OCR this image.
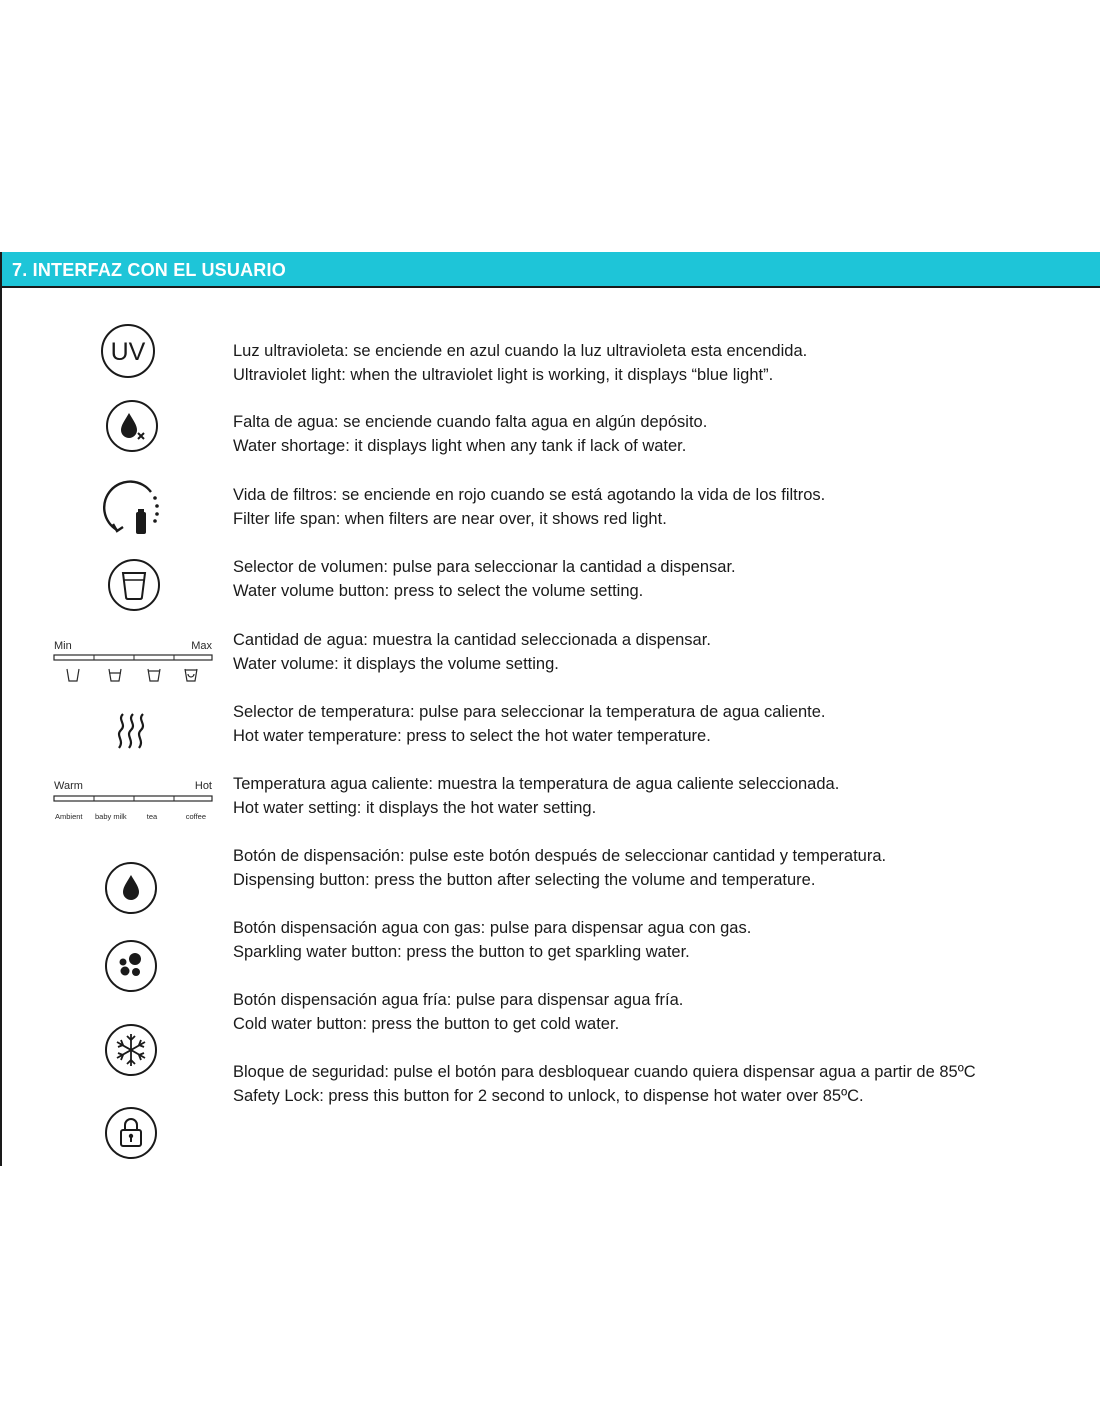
7. INTERFAZ CON EL USUARIO
UV	Luz ultravioleta: se enciende en azul cuando la luz ultravioleta esta encendida.
Ultraviolet light: when the ultraviolet light is working, it displays “blue light”.
Falta de agua: se enciende cuando falta agua en algún depósito.
Water shortage: it displays light when any tank if lack of water.
Vida de filtros: se enciende en rojo cuando se está agotando la vida de los filtros.
Filter life span: when filters are near over, it shows red light.
Selector de volumen: pulse para seleccionar la cantidad a dispensar.
Water volume button: press to select the volume setting.
Min	Max Cantidad de agua: muestra la cantidad seleccionada a dispensar.
Water volume: it displays the volume setting.
Selector de temperatura: pulse para seleccionar la temperatura de agua caliente.
Hot water temperature: press to select the hot water temperature.
Warm	Hot
Ambient baby milk	tea	coffee
Temperatura agua caliente: muestra la temperatura de agua caliente seleccionada.
Hot water setting: it displays the hot water setting.
Botón de dispensación: pulse este botón después de seleccionar cantidad y temperatura.
Dispensing button: press the button after selecting the volume and temperature.
Botón dispensación agua con gas: pulse para dispensar agua con gas.
Sparkling water button: press the button to get sparkling water.
Botón dispensación agua fría: pulse para dispensar agua fría.
Cold water button: press the button to get cold water.
Bloque de seguridad: pulse el botón para desbloquear cuando quiera dispensar agua a partir de 85ºC
Safety Lock: press this button for 2 second to unlock, to dispense hot water over 85ºC.
